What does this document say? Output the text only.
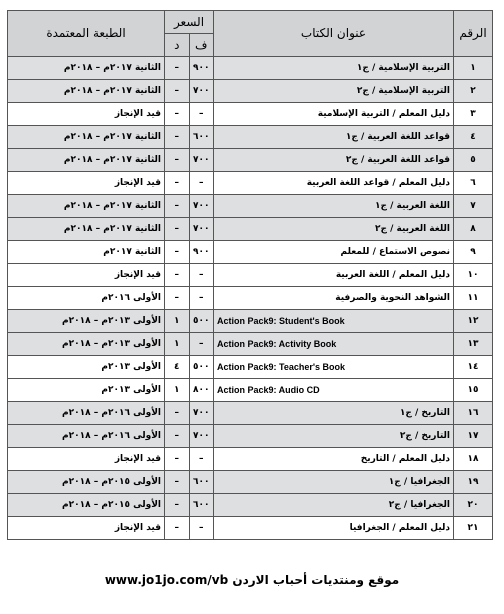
الرقم	عنوان الكتاب	السعر		الطبعة المعتمدة
		ف	د	
١	التربية الإسلامية / ج١	٩٠٠	–	الثانية ٢٠١٧م – ٢٠١٨م
٢	التربية الإسلامية / ج٢	٧٠٠	–	الثانية ٢٠١٧م – ٢٠١٨م
٣	دليل المعلم / التربية الإسلامية	–	–	قيد الإنجاز
٤	قواعد اللغة العربية / ج١	٦٠٠	–	الثانية ٢٠١٧م – ٢٠١٨م
٥	قواعد اللغة العربية / ج٢	٧٠٠	–	الثانية ٢٠١٧م – ٢٠١٨م
٦	دليل المعلم / قواعد اللغة العربية	–	–	قيد الإنجاز
٧	اللغة العربية / ج١	٧٠٠	–	الثانية ٢٠١٧م – ٢٠١٨م
٨	اللغة العربية / ج٢	٧٠٠	–	الثانية ٢٠١٧م – ٢٠١٨م
٩	نصوص الاستماع / للمعلم	٩٠٠	–	الثانية ٢٠١٧م
١٠	دليل المعلم / اللغة العربية	–	–	قيد الإنجاز
١١	الشواهد النحوية والصرفية	–	–	الأولى ٢٠١٦م
١٢	Action Pack9: Student's Book	٥٠٠	١	الأولى ٢٠١٣م – ٢٠١٨م
١٣	Action Pack9: Activity Book	–	١	الأولى ٢٠١٣م – ٢٠١٨م
١٤	Action Pack9: Teacher's Book	٥٠٠	٤	الأولى ٢٠١٣م
١٥	Action Pack9: Audio CD	٨٠٠	١	الأولى ٢٠١٣م
١٦	التاريخ / ج١	٧٠٠	–	الأولى ٢٠١٦م – ٢٠١٨م
١٧	التاريخ / ج٢	٧٠٠	–	الأولى ٢٠١٦م – ٢٠١٨م
١٨	دليل المعلم / التاريخ	–	–	قيد الإنجاز
١٩	الجغرافيا / ج١	٦٠٠	–	الأولى ٢٠١٥م – ٢٠١٨م
٢٠	الجغرافيا / ج٢	٦٠٠	–	الأولى ٢٠١٥م – ٢٠١٨م
٢١	دليل المعلم / الجغرافيا	–	–	قيد الإنجاز
www.jo1jo.com/vb موقع ومنتديات أحباب الاردن
